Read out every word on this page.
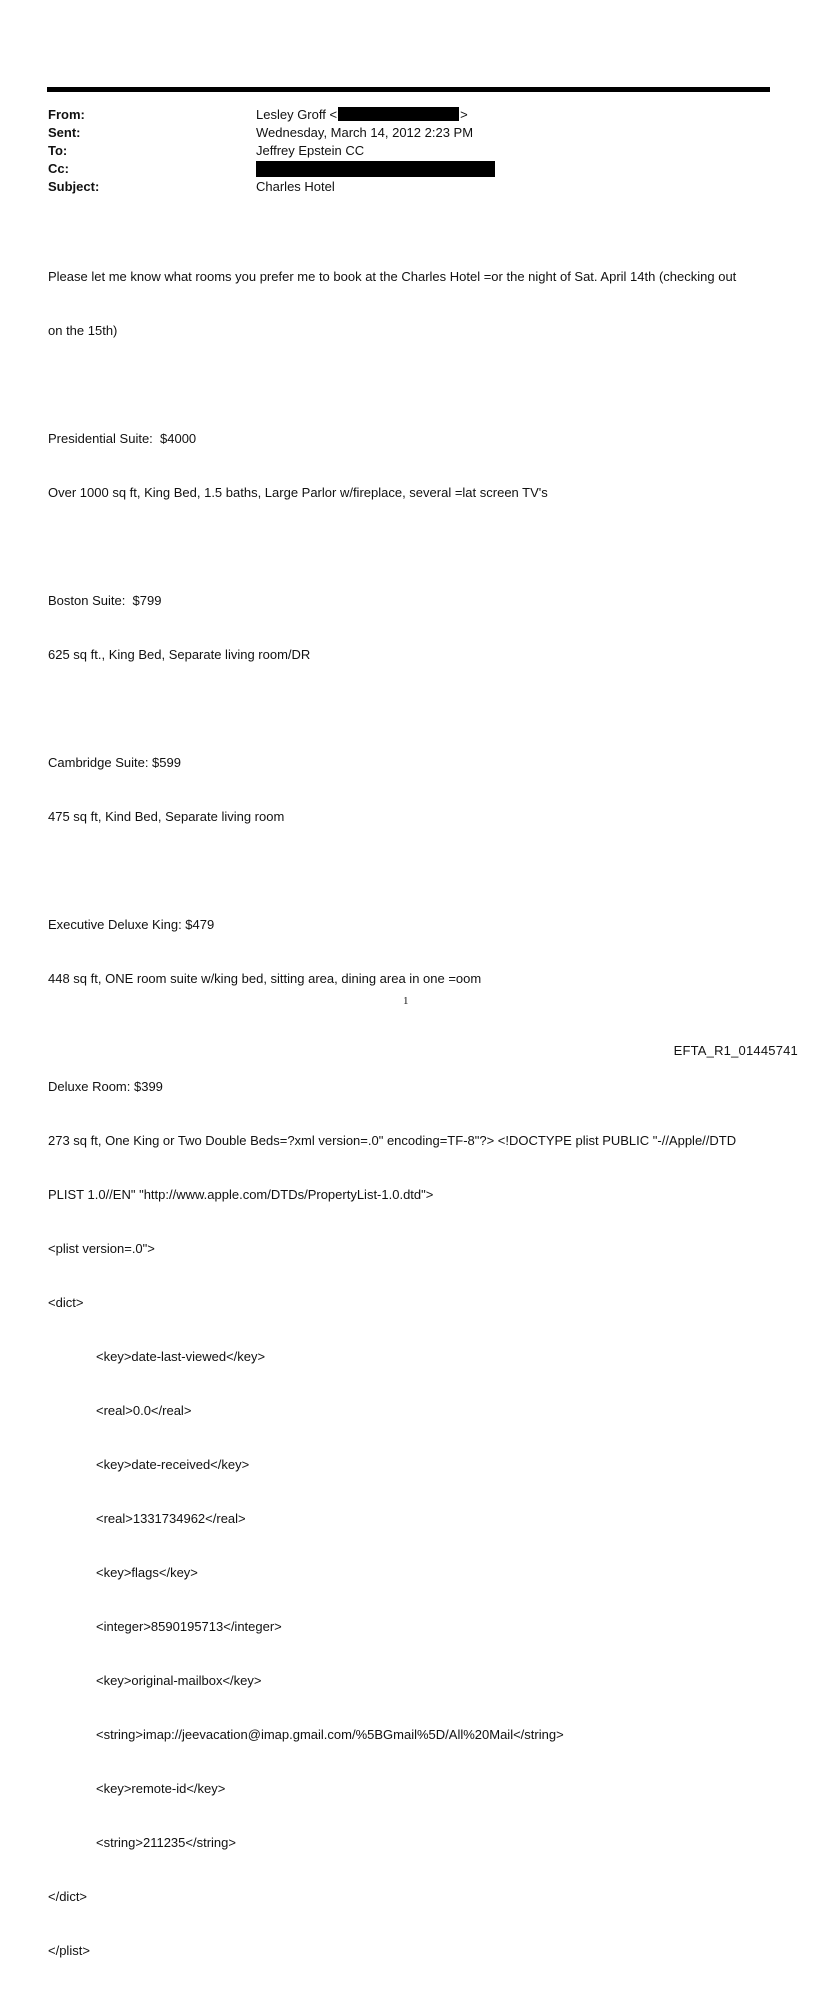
From:	Lesley Groff <	>
Sent:	Wednesday, March 14, 2012 2:23 PM
To:	Jeffrey Epstein CC
Cc:
Subject:	Charles Hotel

Please let me know what rooms you prefer me to book at the Charles Hotel =or the night of Sat. April 14th (checking out

on the 15th)

Presidential Suite:  $4000

Over 1000 sq ft, King Bed, 1.5 baths, Large Parlor w/fireplace, several =lat screen TV's

Boston Suite:  $799

625 sq ft., King Bed, Separate living room/DR

Cambridge Suite: $599

475 sq ft, Kind Bed, Separate living room

Executive Deluxe King: $479

448 sq ft, ONE room suite w/king bed, sitting area, dining area in one =oom

Deluxe Room: $399

273 sq ft, One King or Two Double Beds=?xml version=.0" encoding=TF-8"?> <!DOCTYPE plist PUBLIC "-//Apple//DTD

PLIST 1.0//EN" "http://www.apple.com/DTDs/PropertyList-1.0.dtd">

<plist version=.0">

<dict>

<key>date-last-viewed</key>

<real>0.0</real>

<key>date-received</key>

<real>1331734962</real>

<key>flags</key>

<integer>8590195713</integer>

<key>original-mailbox</key>

<string>imap://jeevacation@imap.gmail.com/%5BGmail%5D/All%20Mail</string>

<key>remote-id</key>

<string>211235</string>

</dict>

</plist>

1
EFTA_R1_01445741
